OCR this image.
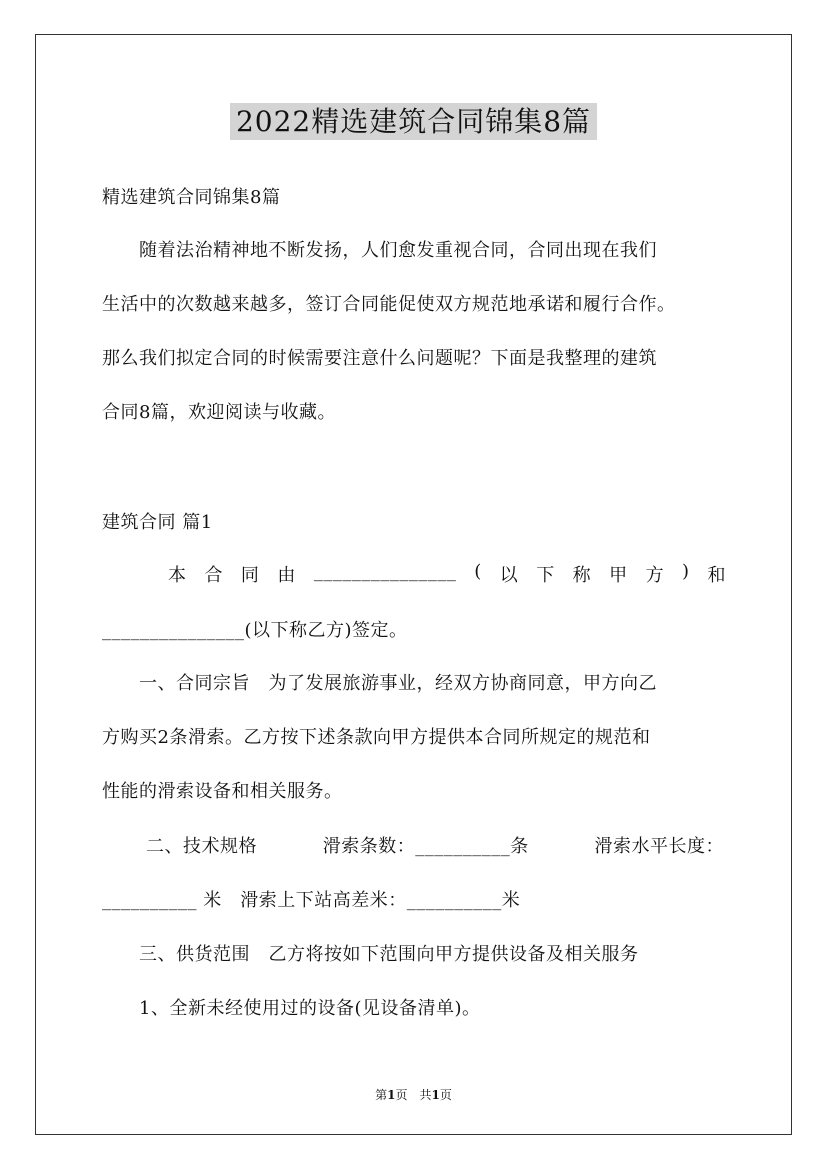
2022精选建筑合同锦集8篇
精选建筑合同锦集8篇
　　随着法治精神地不断发扬，人们愈发重视合同，合同出现在我们
生活中的次数越来越多，签订合同能促使双方规范地承诺和履行合作。
那么我们拟定合同的时候需要注意什么问题呢？下面是我整理的建筑
合同8篇，欢迎阅读与收藏。
建筑合同 篇1
本 合 同 由 _______________ ( 以 下 称 甲 方 ) 和
_______________(以下称乙方)签定。
　　一、合同宗旨　为了发展旅游事业，经双方协商同意，甲方向乙
方购买2条滑索。乙方按下述条款向甲方提供本合同所规定的规范和
性能的滑索设备和相关服务。
二、技术规格	滑索条数：__________条	滑索水平长度：
__________ 米　滑索上下站高差米：__________米
　　三、供货范围　乙方将按如下范围向甲方提供设备及相关服务
　　1、全新未经使用过的设备(见设备清单)。
第1页　共1页
